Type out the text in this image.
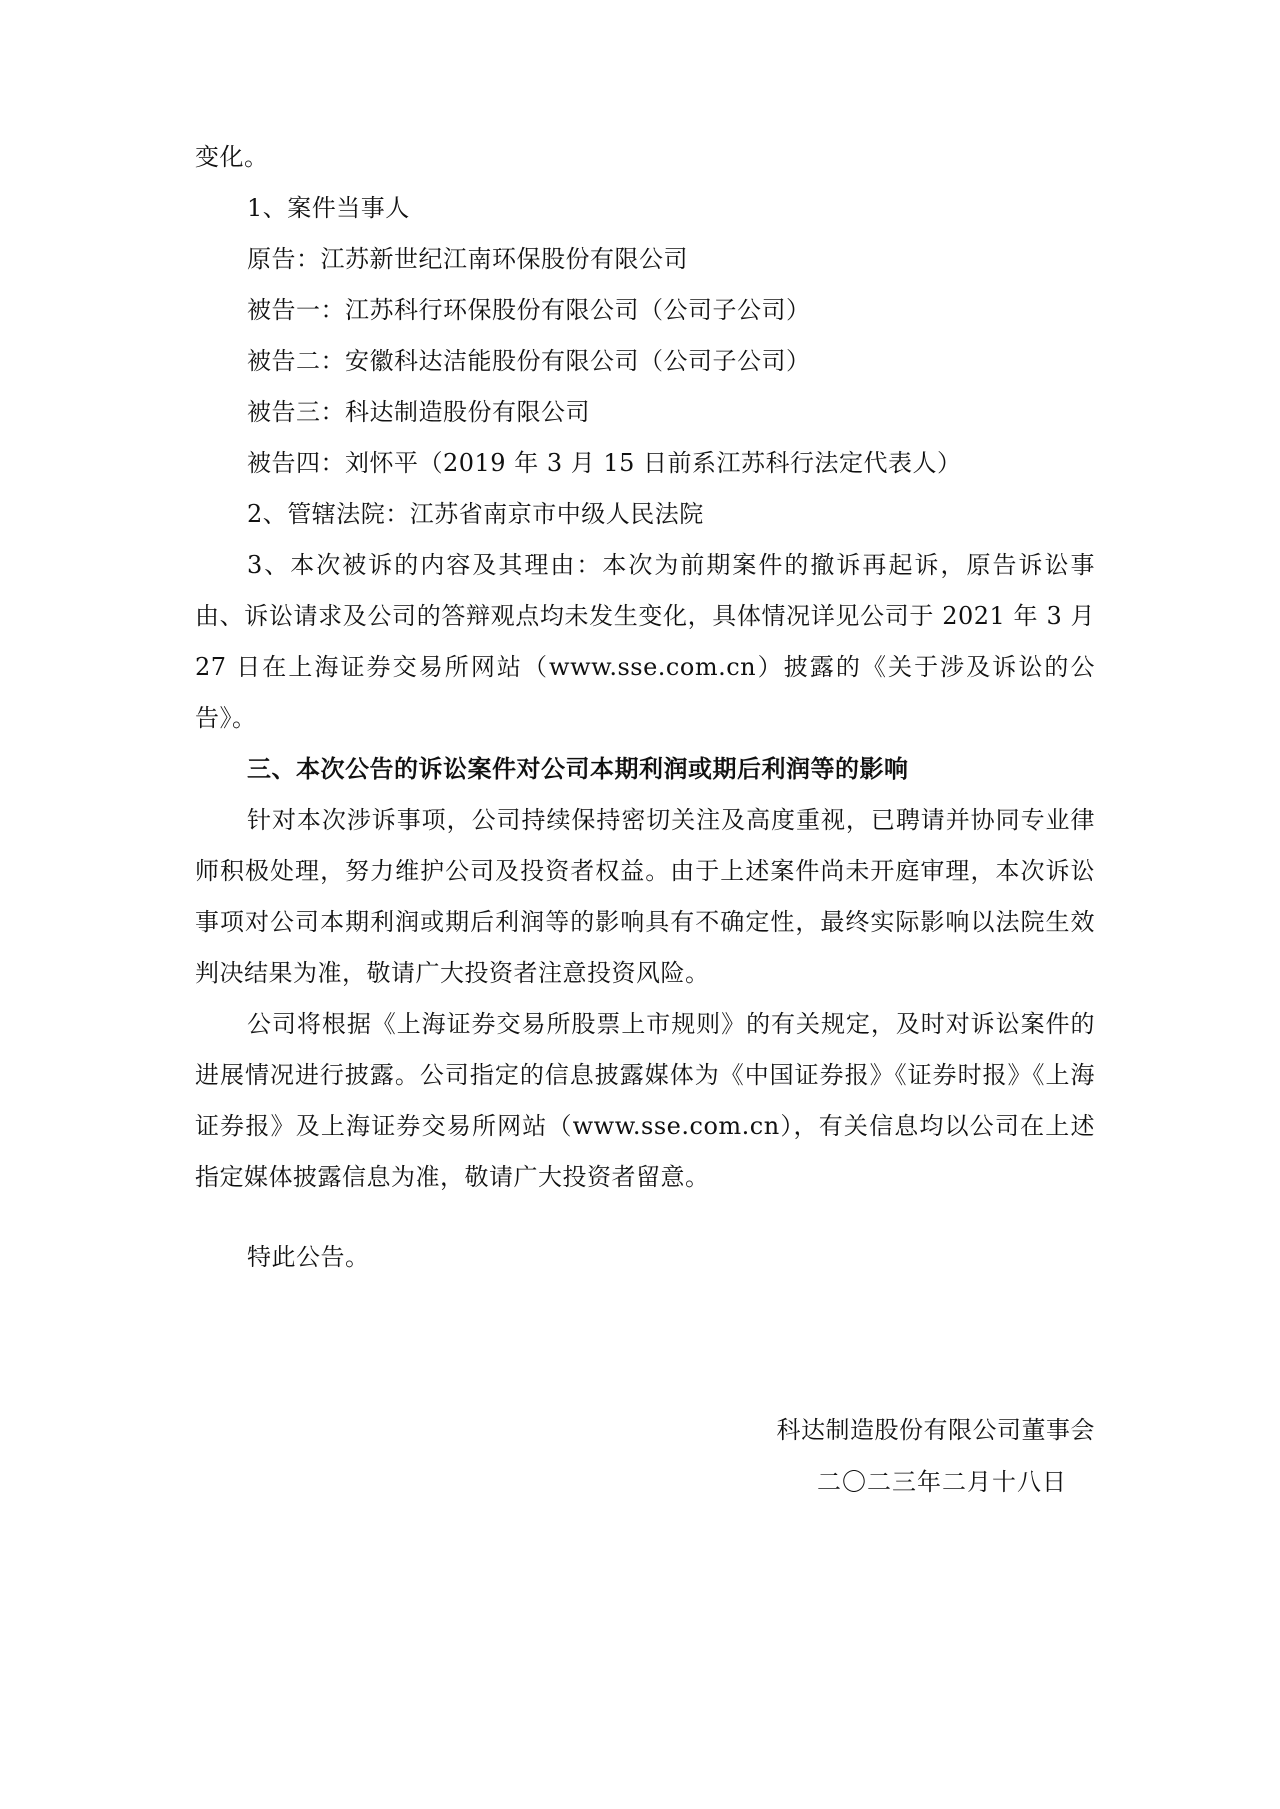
变化。

1、案件当事人

原告：江苏新世纪江南环保股份有限公司

被告一：江苏科行环保股份有限公司（公司子公司）

被告二：安徽科达洁能股份有限公司（公司子公司）

被告三：科达制造股份有限公司

被告四：刘怀平（2019 年 3 月 15 日前系江苏科行法定代表人）

2、管辖法院：江苏省南京市中级人民法院

3、本次被诉的内容及其理由：本次为前期案件的撤诉再起诉，原告诉讼事由、诉讼请求及公司的答辩观点均未发生变化，具体情况详见公司于 2021 年 3 月 27 日在上海证券交易所网站（www.sse.com.cn）披露的《关于涉及诉讼的公告》。

三、本次公告的诉讼案件对公司本期利润或期后利润等的影响

针对本次涉诉事项，公司持续保持密切关注及高度重视，已聘请并协同专业律师积极处理，努力维护公司及投资者权益。由于上述案件尚未开庭审理，本次诉讼事项对公司本期利润或期后利润等的影响具有不确定性，最终实际影响以法院生效判决结果为准，敬请广大投资者注意投资风险。

公司将根据《上海证券交易所股票上市规则》的有关规定，及时对诉讼案件的进展情况进行披露。公司指定的信息披露媒体为《中国证券报》《证券时报》《上海证券报》及上海证券交易所网站（www.sse.com.cn），有关信息均以公司在上述指定媒体披露信息为准，敬请广大投资者留意。

特此公告。
科达制造股份有限公司董事会
二〇二三年二月十八日
